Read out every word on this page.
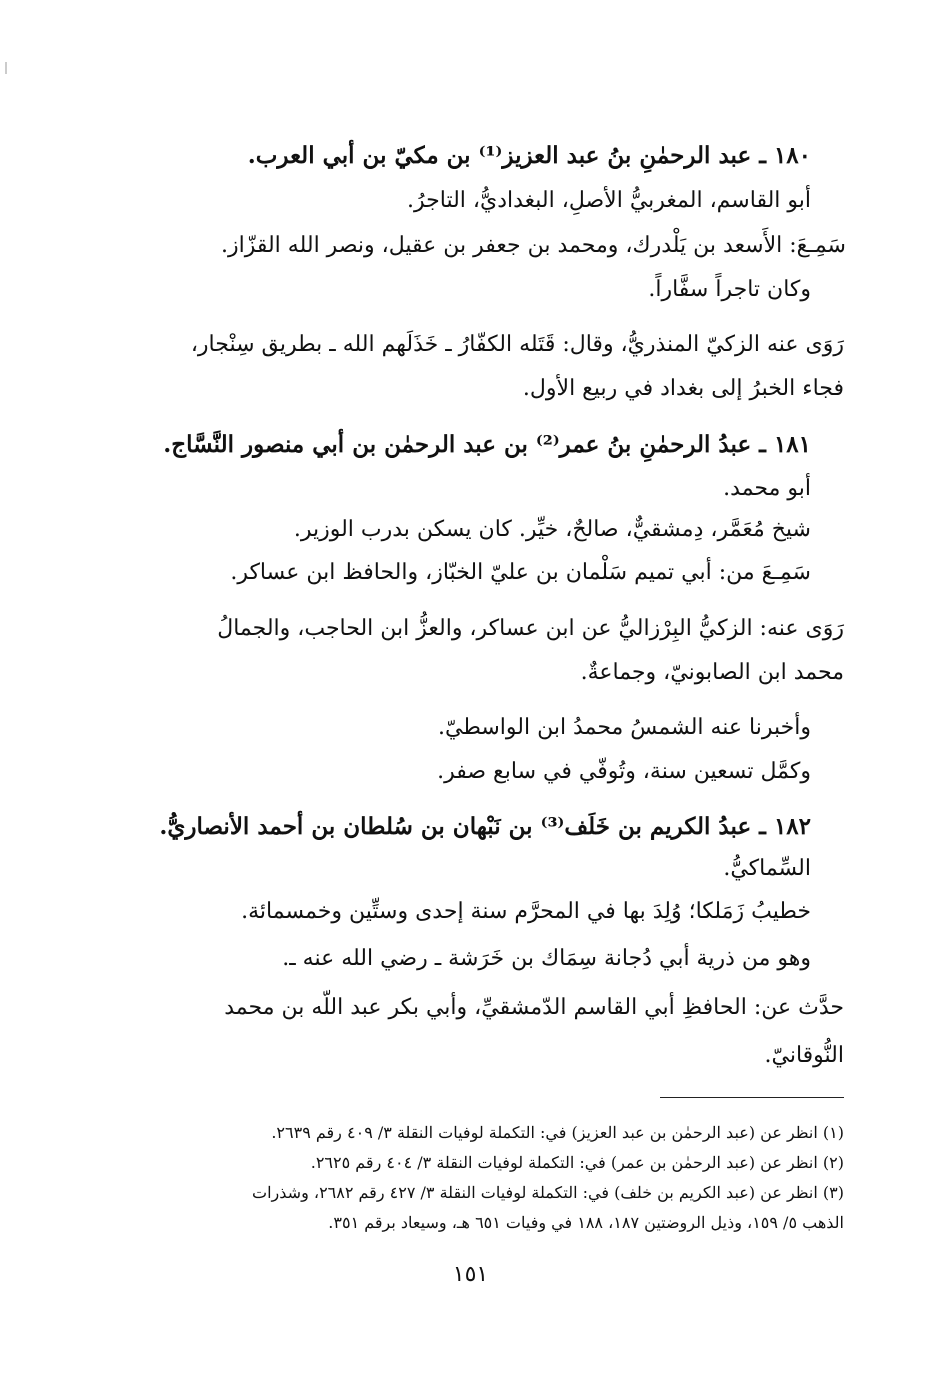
١٨٠ ـ عبد الرحمٰنِ بنُ عبد العزيز⁽¹⁾ بن مكيّ بن أبي العرب.
أبو القاسم، المغربيُّ الأصلِ، البغداديُّ، التاجرُ.
سَمِـعَ: الأَسعد بن يَلْدرك، ومحمد بن جعفر بن عقيل، ونصر الله القزّاز.
وكان تاجراً سفَّاراً.
رَوَى عنه الزكيّ المنذريُّ، وقال: قَتَله الكفّارُ ـ خَذَلَهم الله ـ بطريق سِنْجار،
فجاء الخبرُ إلى بغداد في ربيع الأول.
١٨١ ـ عبدُ الرحمٰنِ بنُ عمر⁽²⁾ بن عبد الرحمٰن بن أبي منصور النَّسَّاج.
أبو محمد.
شيخ مُعَمَّر، دِمشقيٌّ، صالحٌ، خيِّر. كان يسكن بدرب الوزير.
سَمِـعَ من: أبي تميم سَلْمان بن عليّ الخبّاز، والحافظ ابن عساكر.
رَوَى عنه: الزكيُّ البِرْزاليُّ عن ابن عساكر، والعزُّ ابن الحاجب، والجمالُ
محمد ابن الصابونيّ، وجماعةٌ.
وأخبرنا عنه الشمسُ محمدُ ابن الواسطيّ.
وكمَّل تسعين سنة، وتُوفّي في سابع صفر.
١٨٢ ـ عبدُ الكريم بن خَلَف⁽³⁾ بن نَبْهان بن سُلطان بن أحمد الأنصاريُّ.
السِّماكيُّ.
خطيبُ زَمَلكا؛ وُلِدَ بها في المحرَّم سنة إحدى وستِّين وخمسمائة.
وهو من ذرية أبي دُجانة سِمَاك بن خَرَشة ـ رضي الله عنه ـ.
حدَّث عن: الحافظِ أبي القاسم الدّمشقيِّ، وأبي بكر عبد اللّه بن محمد
النُّوقانيّ.
(١) انظر عن (عبد الرحمٰن بن عبد العزيز) في: التكملة لوفيات النقلة ٣/ ٤٠٩ رقم ٢٦٣٩.
(٢) انظر عن (عبد الرحمٰن بن عمر) في: التكملة لوفيات النقلة ٣/ ٤٠٤ رقم ٢٦٢٥.
(٣) انظر عن (عبد الكريم بن خلف) في: التكملة لوفيات النقلة ٣/ ٤٢٧ رقم ٢٦٨٢، وشذرات
الذهب ٥/ ١٥٩، وذيل الروضتين ١٨٧، ١٨٨ في وفيات ٦٥١ هـ، وسيعاد برقم ٣٥١.
١٥١
